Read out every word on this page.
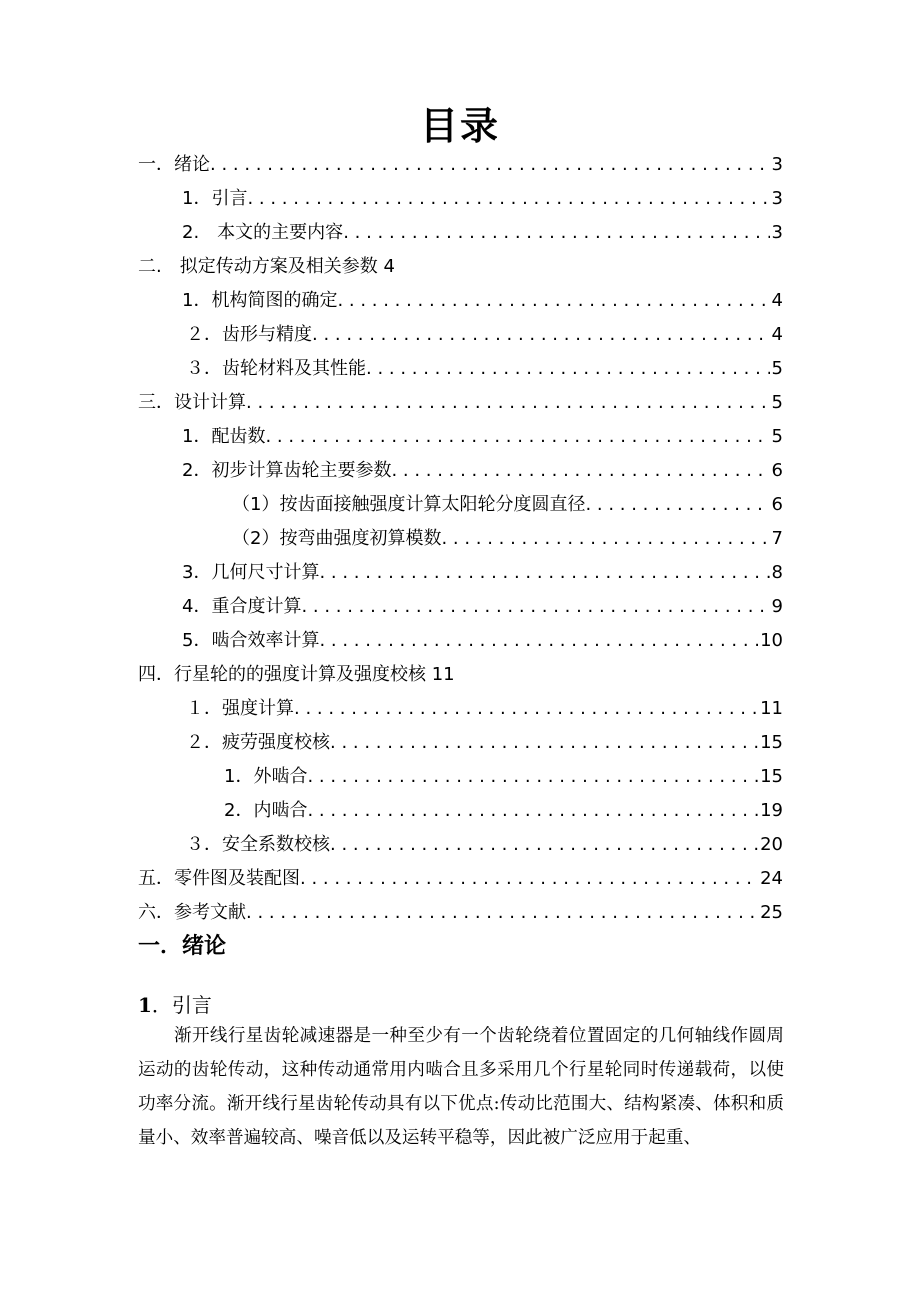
目录
一．绪论 . . .	3
1．引言 . . .	3
2.　本文的主要内容 . . .	3
二.　拟定传动方案及相关参数 4
1．机构简图的确定 . . .	4
２．齿形与精度 . . .	4
３．齿轮材料及其性能 . . .	5
三．设计计算 . . .	5
1．配齿数 . . .	5
2．初步计算齿轮主要参数 . . .	6
（1）按齿面接触强度计算太阳轮分度圆直径 . . .	6
（2）按弯曲强度初算模数 . . .	7
3．几何尺寸计算 . . .	8
4．重合度计算 . . .	9
5．啮合效率计算 . . .	10
四．行星轮的的强度计算及强度校核 11
１．强度计算 . . .	11
２．疲劳强度校核 . . .	15
1．外啮合 . . .	15
2．内啮合 . . .	19
３．安全系数校核 . . .	20
五．零件图及装配图 . . .	24
六．参考文献 . . .	25
一．绪论
1．引言

渐开线行星齿轮减速器是一种至少有一个齿轮绕着位置固定的几何轴线作圆周运动的齿轮传动，这种传动通常用内啮合且多采用几个行星轮同时传递载荷，以使功率分流。渐开线行星齿轮传动具有以下优点:传动比范围大、结构紧凑、体积和质量小、效率普遍较高、噪音低以及运转平稳等，因此被广泛应用于起重、
